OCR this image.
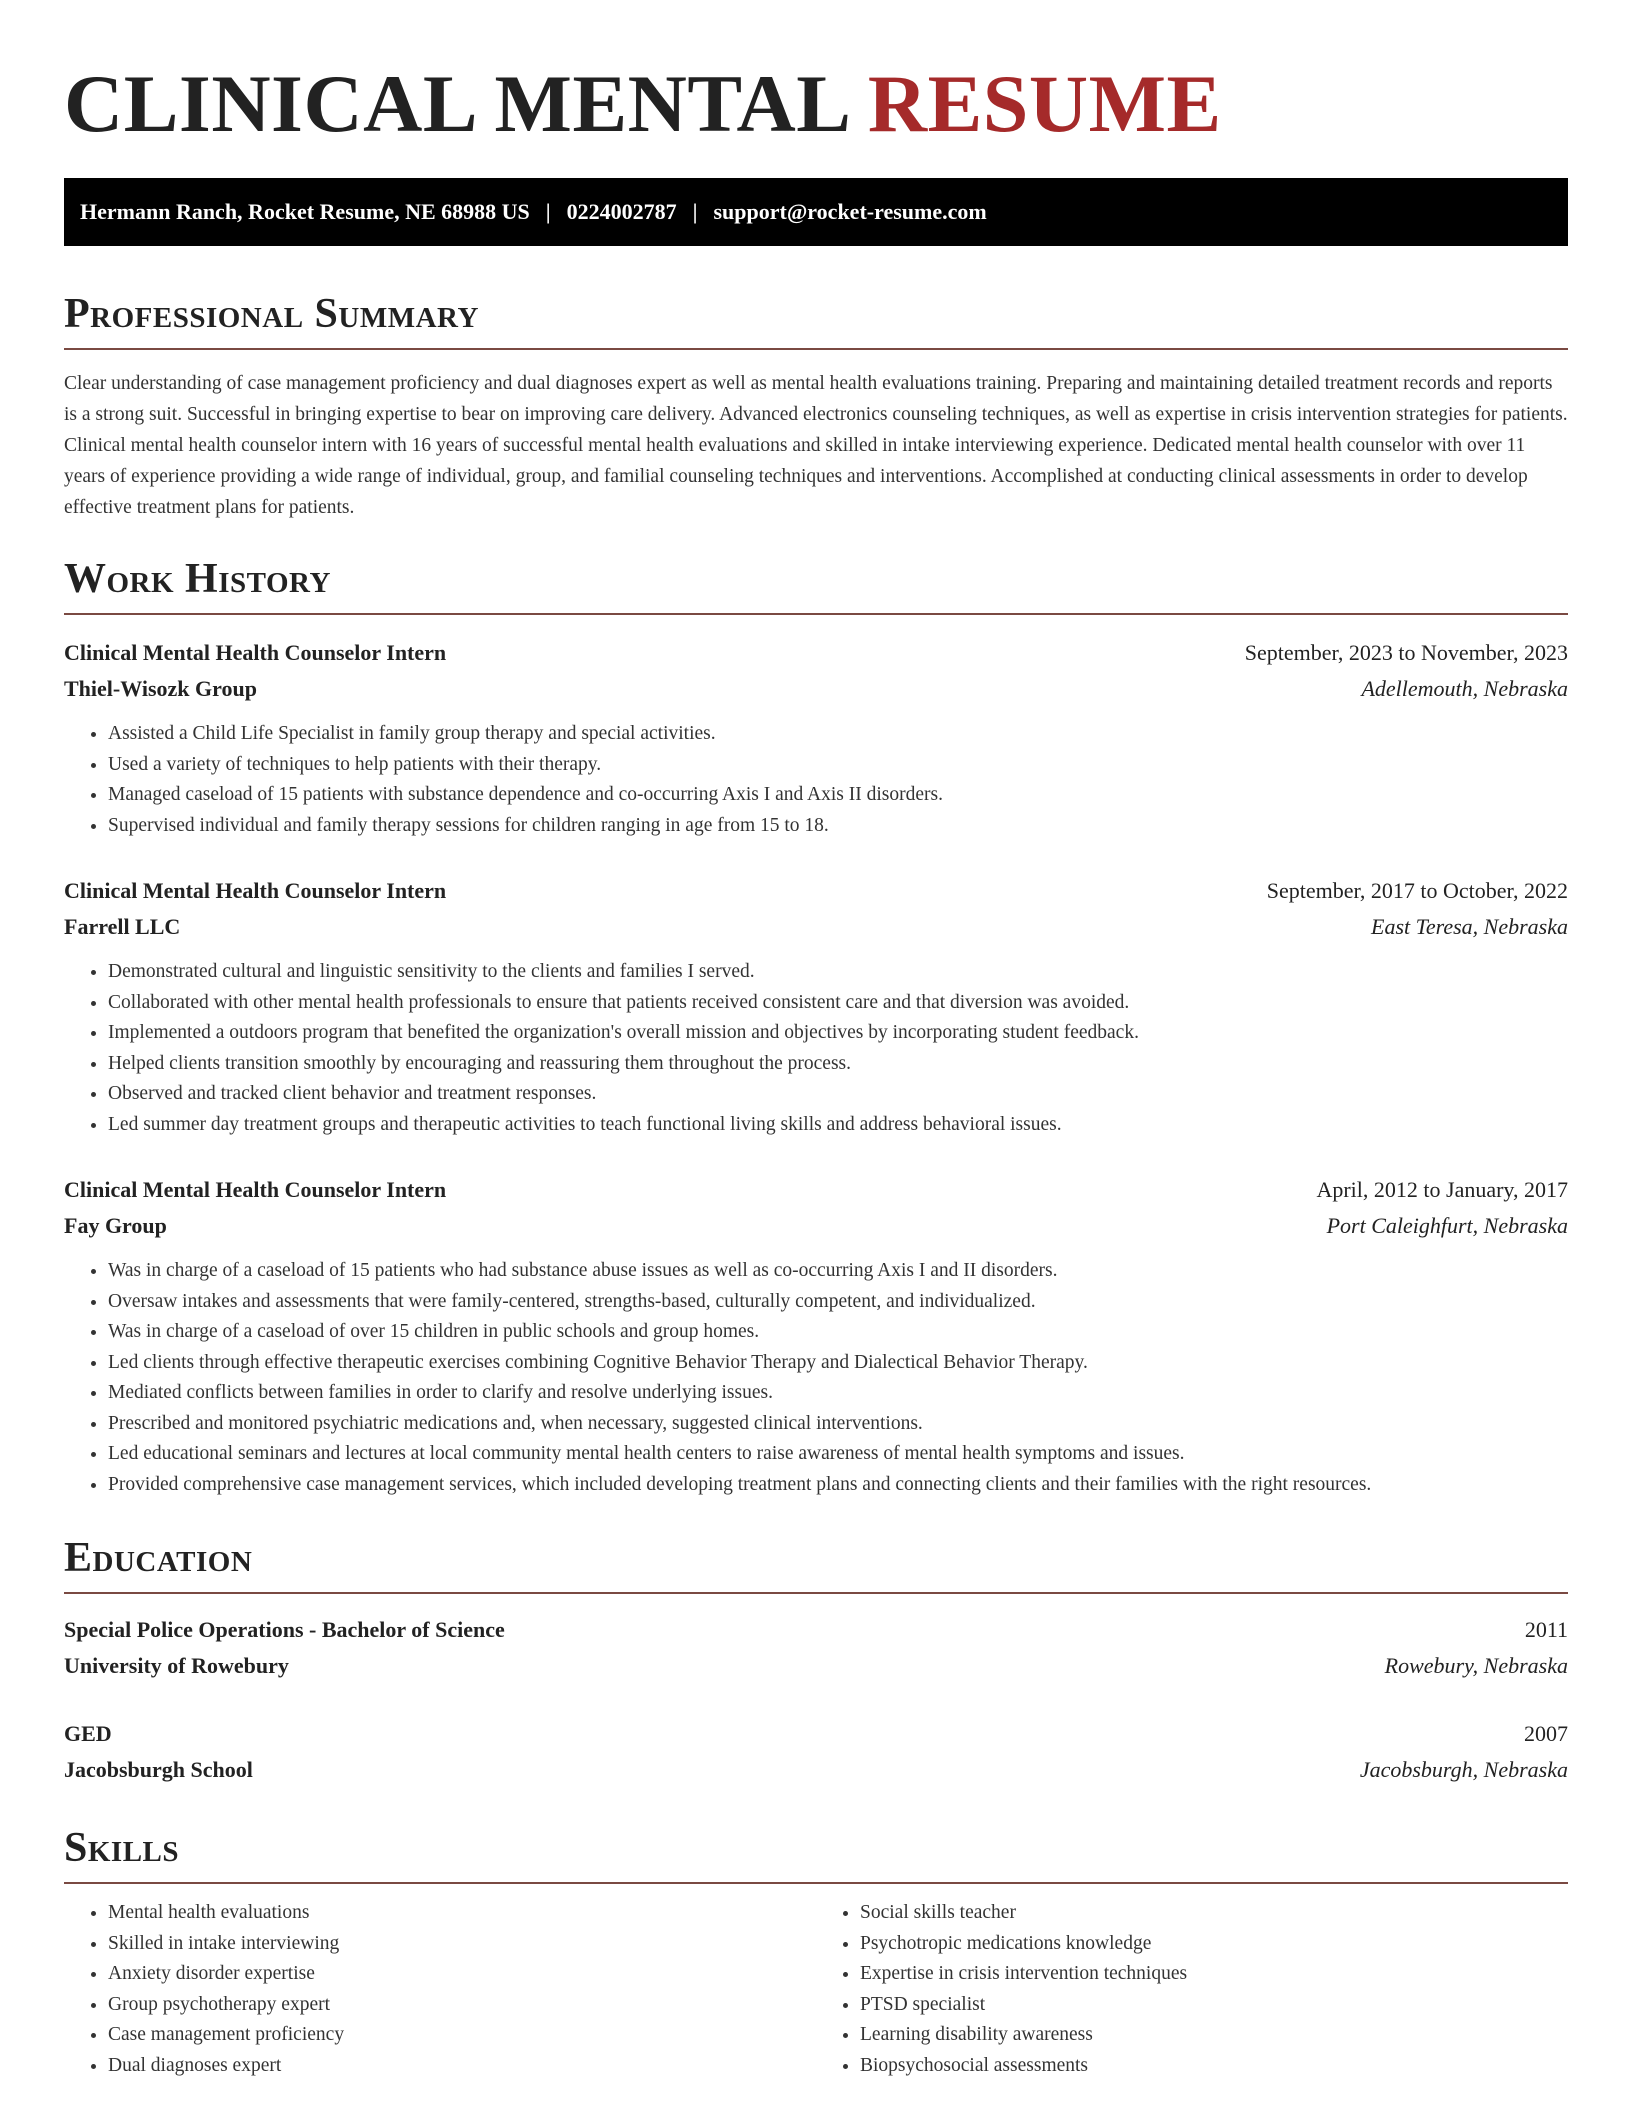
CLINICAL MENTAL RESUME
Hermann Ranch, Rocket Resume, NE 68988 US | 0224002787 | support@rocket-resume.com
Professional Summary

Clear understanding of case management proficiency and dual diagnoses expert as well as mental health evaluations training. Preparing and maintaining detailed treatment records and reports is a strong suit. Successful in bringing expertise to bear on improving care delivery. Advanced electronics counseling techniques, as well as expertise in crisis intervention strategies for patients. Clinical mental health counselor intern with 16 years of successful mental health evaluations and skilled in intake interviewing experience. Dedicated mental health counselor with over 11 years of experience providing a wide range of individual, group, and familial counseling techniques and interventions. Accomplished at conducting clinical assessments in order to develop effective treatment plans for patients.

Work History
Clinical Mental Health Counselor Intern	September, 2023 to November, 2023
Thiel-Wisozk Group	Adellemouth, Nebraska
• Assisted a Child Life Specialist in family group therapy and special activities.
• Used a variety of techniques to help patients with their therapy.
• Managed caseload of 15 patients with substance dependence and co-occurring Axis I and Axis II disorders.
• Supervised individual and family therapy sessions for children ranging in age from 15 to 18.
Clinical Mental Health Counselor Intern	September, 2017 to October, 2022
Farrell LLC	East Teresa, Nebraska
• Demonstrated cultural and linguistic sensitivity to the clients and families I served.
• Collaborated with other mental health professionals to ensure that patients received consistent care and that diversion was avoided.
• Implemented a outdoors program that benefited the organization's overall mission and objectives by incorporating student feedback.
• Helped clients transition smoothly by encouraging and reassuring them throughout the process.
• Observed and tracked client behavior and treatment responses.
• Led summer day treatment groups and therapeutic activities to teach functional living skills and address behavioral issues.
Clinical Mental Health Counselor Intern	April, 2012 to January, 2017
Fay Group	Port Caleighfurt, Nebraska
• Was in charge of a caseload of 15 patients who had substance abuse issues as well as co-occurring Axis I and II disorders.
• Oversaw intakes and assessments that were family-centered, strengths-based, culturally competent, and individualized.
• Was in charge of a caseload of over 15 children in public schools and group homes.
• Led clients through effective therapeutic exercises combining Cognitive Behavior Therapy and Dialectical Behavior Therapy.
• Mediated conflicts between families in order to clarify and resolve underlying issues.
• Prescribed and monitored psychiatric medications and, when necessary, suggested clinical interventions.
• Led educational seminars and lectures at local community mental health centers to raise awareness of mental health symptoms and issues.
• Provided comprehensive case management services, which included developing treatment plans and connecting clients and their families with the right resources.
Education
Special Police Operations - Bachelor of Science	2011
University of Rowebury	Rowebury, Nebraska
GED	2007
Jacobsburgh School	Jacobsburgh, Nebraska
Skills
• Mental health evaluations
• Skilled in intake interviewing
• Anxiety disorder expertise
• Group psychotherapy expert
• Case management proficiency
• Dual diagnoses expert
• Social skills teacher
• Psychotropic medications knowledge
• Expertise in crisis intervention techniques
• PTSD specialist
• Learning disability awareness
• Biopsychosocial assessments
